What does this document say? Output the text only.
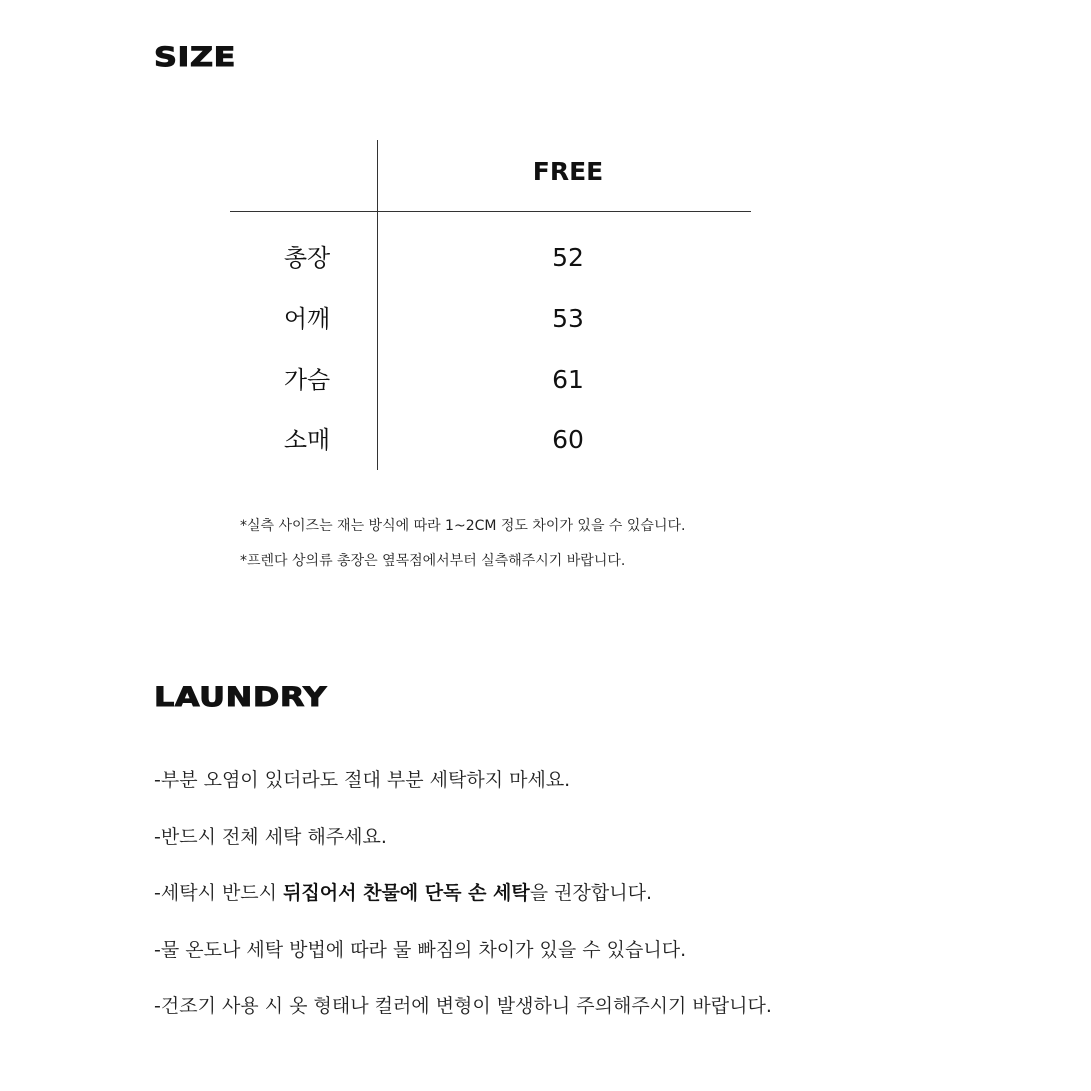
SIZE
FREE
총장	52
어깨	53
가슴	61
소매	60
*실측 사이즈는 재는 방식에 따라 1~2CM 정도 차이가 있을 수 있습니다.
*프렌다 상의류 총장은 옆목점에서부터 실측해주시기 바랍니다.
LAUNDRY
-부분 오염이 있더라도 절대 부분 세탁하지 마세요.
-반드시 전체 세탁 해주세요.
-세탁시 반드시 뒤집어서 찬물에 단독 손 세탁을 권장합니다.
-물 온도나 세탁 방법에 따라 물 빠짐의 차이가 있을 수 있습니다.
-건조기 사용 시 옷 형태나 컬러에 변형이 발생하니 주의해주시기 바랍니다.
